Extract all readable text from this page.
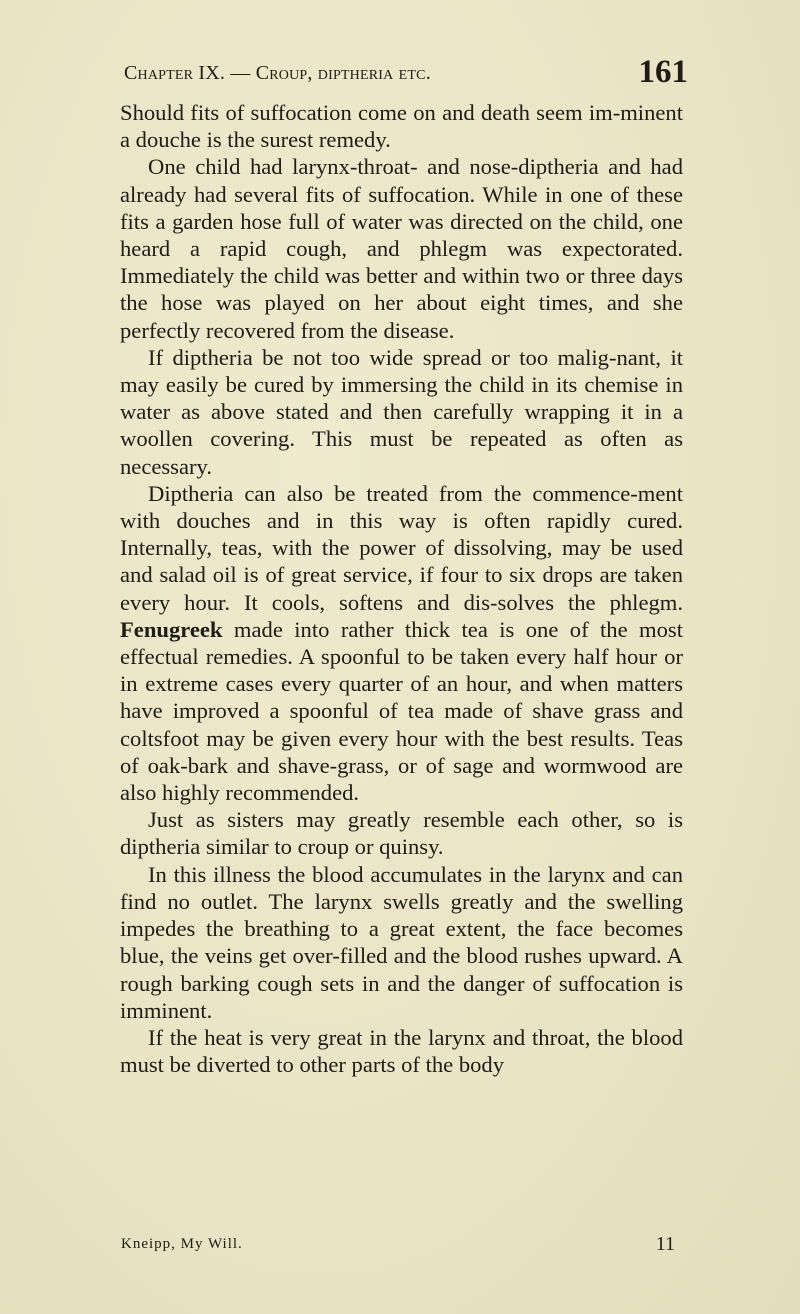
Chapter IX. — Croup, diptheria etc.	161

Should fits of suffocation come on and death seem im-minent a douche is the surest remedy.

One child had larynx-throat- and nose-diptheria and had already had several fits of suffocation. While in one of these fits a garden hose full of water was directed on the child, one heard a rapid cough, and phlegm was expectorated. Immediately the child was better and within two or three days the hose was played on her about eight times, and she perfectly recovered from the disease.

If diptheria be not too wide spread or too malig-nant, it may easily be cured by immersing the child in its chemise in water as above stated and then carefully wrapping it in a woollen covering. This must be repeated as often as necessary.

Diptheria can also be treated from the commence-ment with douches and in this way is often rapidly cured. Internally, teas, with the power of dissolving, may be used and salad oil is of great service, if four to six drops are taken every hour. It cools, softens and dis-solves the phlegm. Fenugreek made into rather thick tea is one of the most effectual remedies. A spoonful to be taken every half hour or in extreme cases every quarter of an hour, and when matters have improved a spoonful of tea made of shave grass and coltsfoot may be given every hour with the best results. Teas of oak-bark and shave-grass, or of sage and wormwood are also highly recommended.

Just as sisters may greatly resemble each other, so is diptheria similar to croup or quinsy.

In this illness the blood accumulates in the larynx and can find no outlet. The larynx swells greatly and the swelling impedes the breathing to a great extent, the face becomes blue, the veins get over-filled and the blood rushes upward. A rough barking cough sets in and the danger of suffocation is imminent.

If the heat is very great in the larynx and throat, the blood must be diverted to other parts of the body

Kneipp, My Will.	11
